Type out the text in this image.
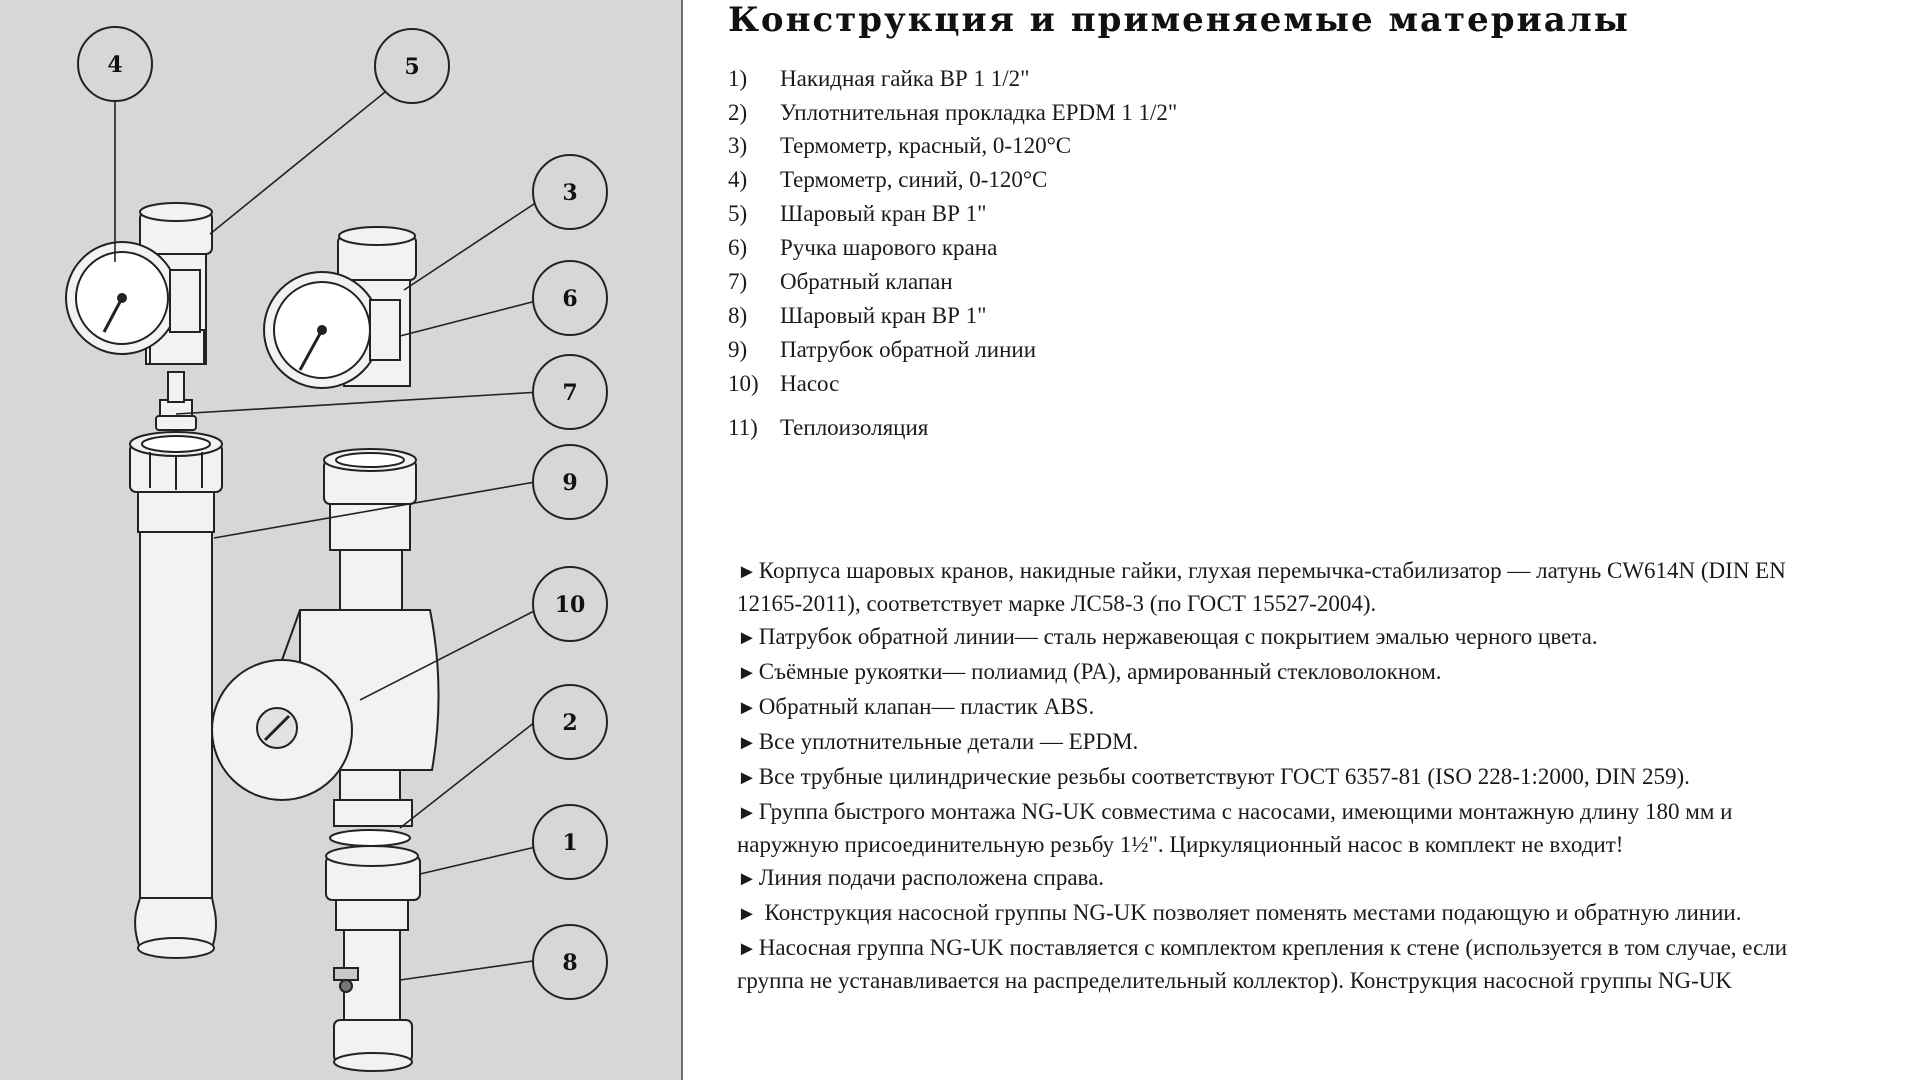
4	5
3
6
7
9
10
2
1
8
Конструкция и применяемые материалы
1) Накидная гайка ВР 1 1/2"
2) Уплотнительная прокладка EPDM 1 1/2"
3) Термометр, красный, 0-120°C
4) Термометр, синий, 0-120°C
5) Шаровый кран ВР 1"
6) Ручка шарового крана
7) Обратный клапан
8) Шаровый кран ВР 1"
9) Патрубок обратной линии
10) Насос
11) Теплоизоляция

►Корпуса шаровых кранов, накидные гайки, глухая перемычка-стабилизатор — латунь CW614N (DIN EN 12165-2011), соответствует марке ЛС58-3 (по ГОСТ 15527-2004).

►Патрубок обратной линии— сталь нержавеющая с покрытием эмалью черного цвета.

►Съёмные рукоятки— полиамид (PA), армированный стекловолокном.

►Обратный клапан— пластик ABS.

►Все уплотнительные детали — EPDM.

►Все трубные цилиндрические резьбы соответствуют ГОСТ 6357-81 (ISO 228-1:2000, DIN 259).

►Группа быстрого монтажа NG-UK совместима с насосами, имеющими монтажную длину 180 мм и наружную присоединительную резьбу 1½". Циркуляционный насос в комплект не входит!

►Линия подачи расположена справа.

► Конструкция насосной группы NG-UK позволяет поменять местами подающую и обратную линии.

►Насосная группа NG-UK поставляется с комплектом крепления к стене (используется в том случае, если группа не устанавливается на распределительный коллектор). Конструкция насосной группы NG-UK
